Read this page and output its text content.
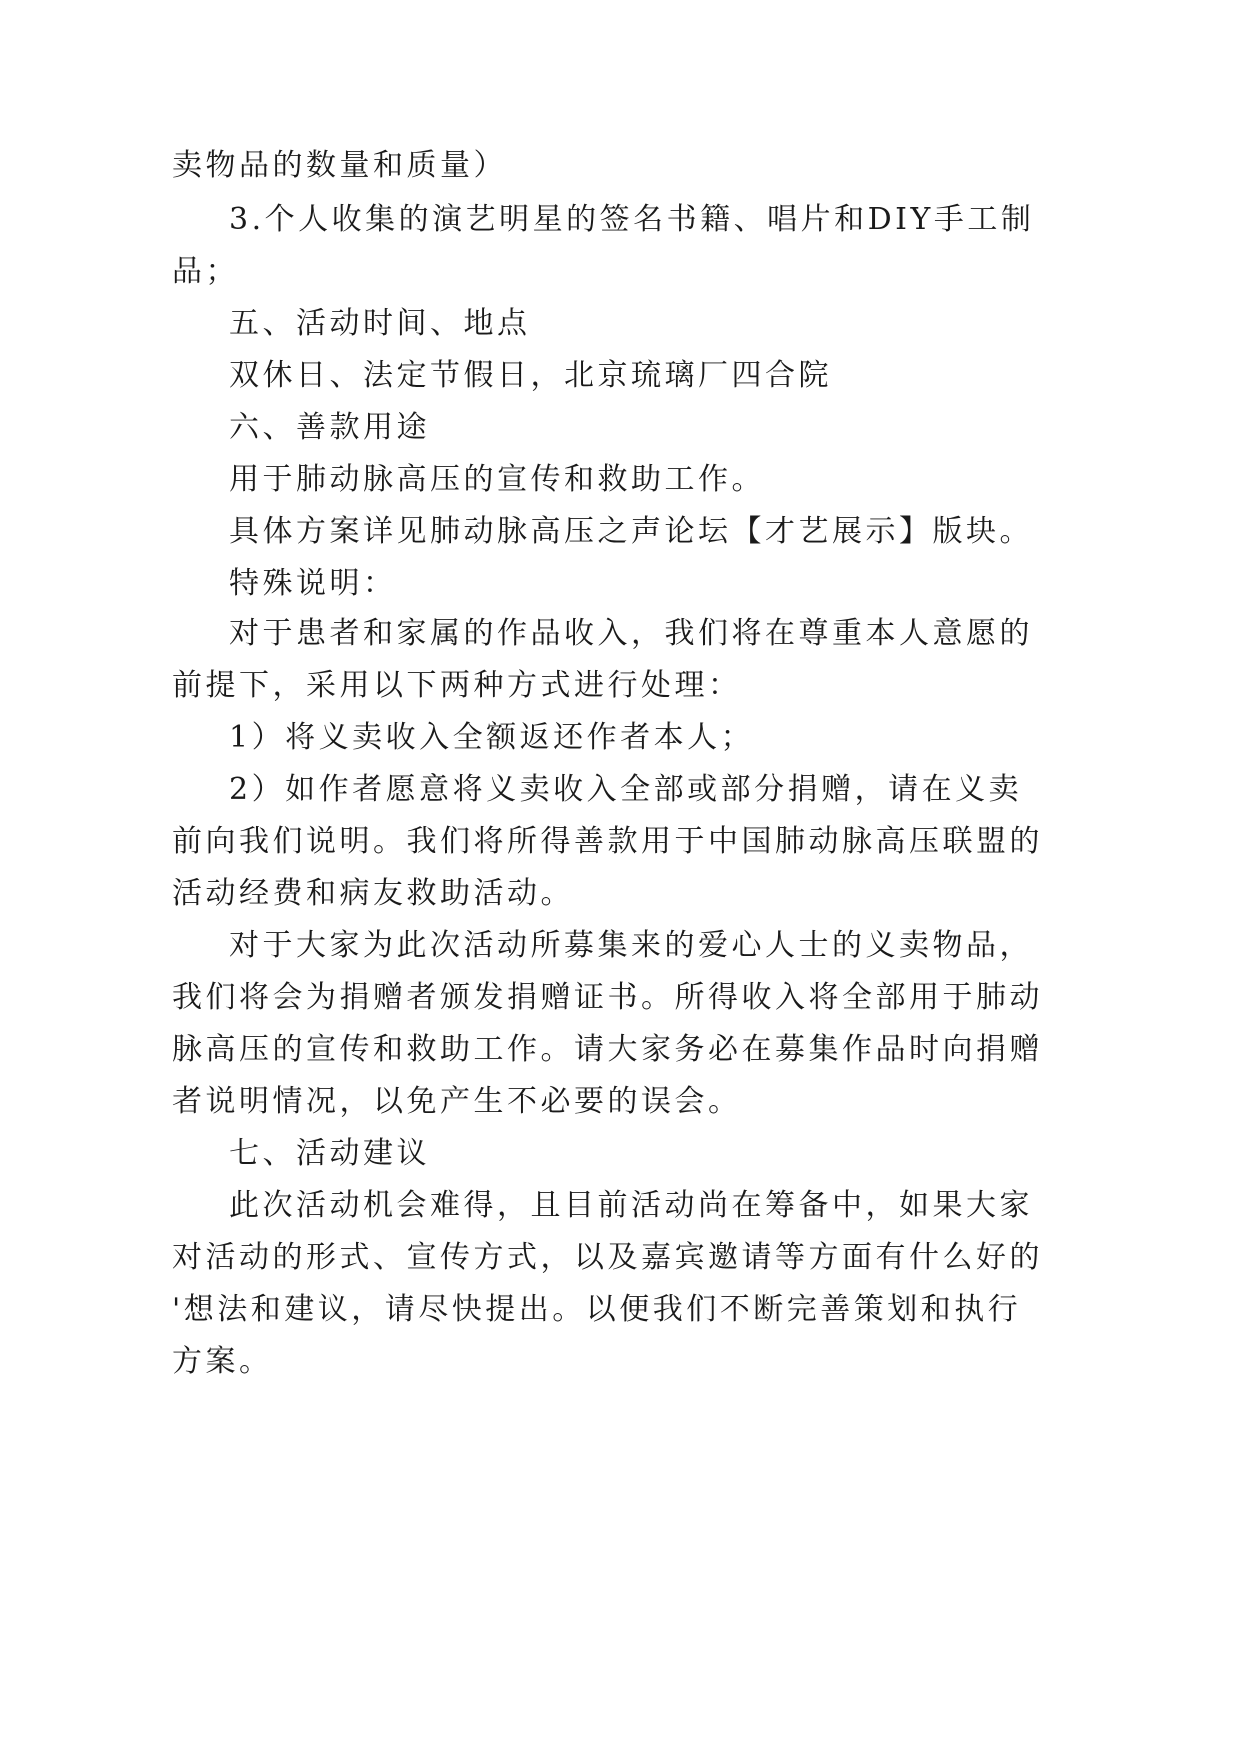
卖物品的数量和质量）
3.个人收集的演艺明星的签名书籍、唱片和DIY手工制
品；
五、活动时间、地点
双休日、法定节假日，北京琉璃厂四合院
六、善款用途
用于肺动脉高压的宣传和救助工作。
具体方案详见肺动脉高压之声论坛【才艺展示】版块。
特殊说明：
对于患者和家属的作品收入，我们将在尊重本人意愿的
前提下，采用以下两种方式进行处理：
1）将义卖收入全额返还作者本人；
2）如作者愿意将义卖收入全部或部分捐赠，请在义卖
前向我们说明。我们将所得善款用于中国肺动脉高压联盟的
活动经费和病友救助活动。
对于大家为此次活动所募集来的爱心人士的义卖物品，
我们将会为捐赠者颁发捐赠证书。所得收入将全部用于肺动
脉高压的宣传和救助工作。请大家务必在募集作品时向捐赠
者说明情况，以免产生不必要的误会。
七、活动建议
此次活动机会难得，且目前活动尚在筹备中，如果大家
对活动的形式、宣传方式，以及嘉宾邀请等方面有什么好的
'想法和建议，请尽快提出。以便我们不断完善策划和执行
方案。
